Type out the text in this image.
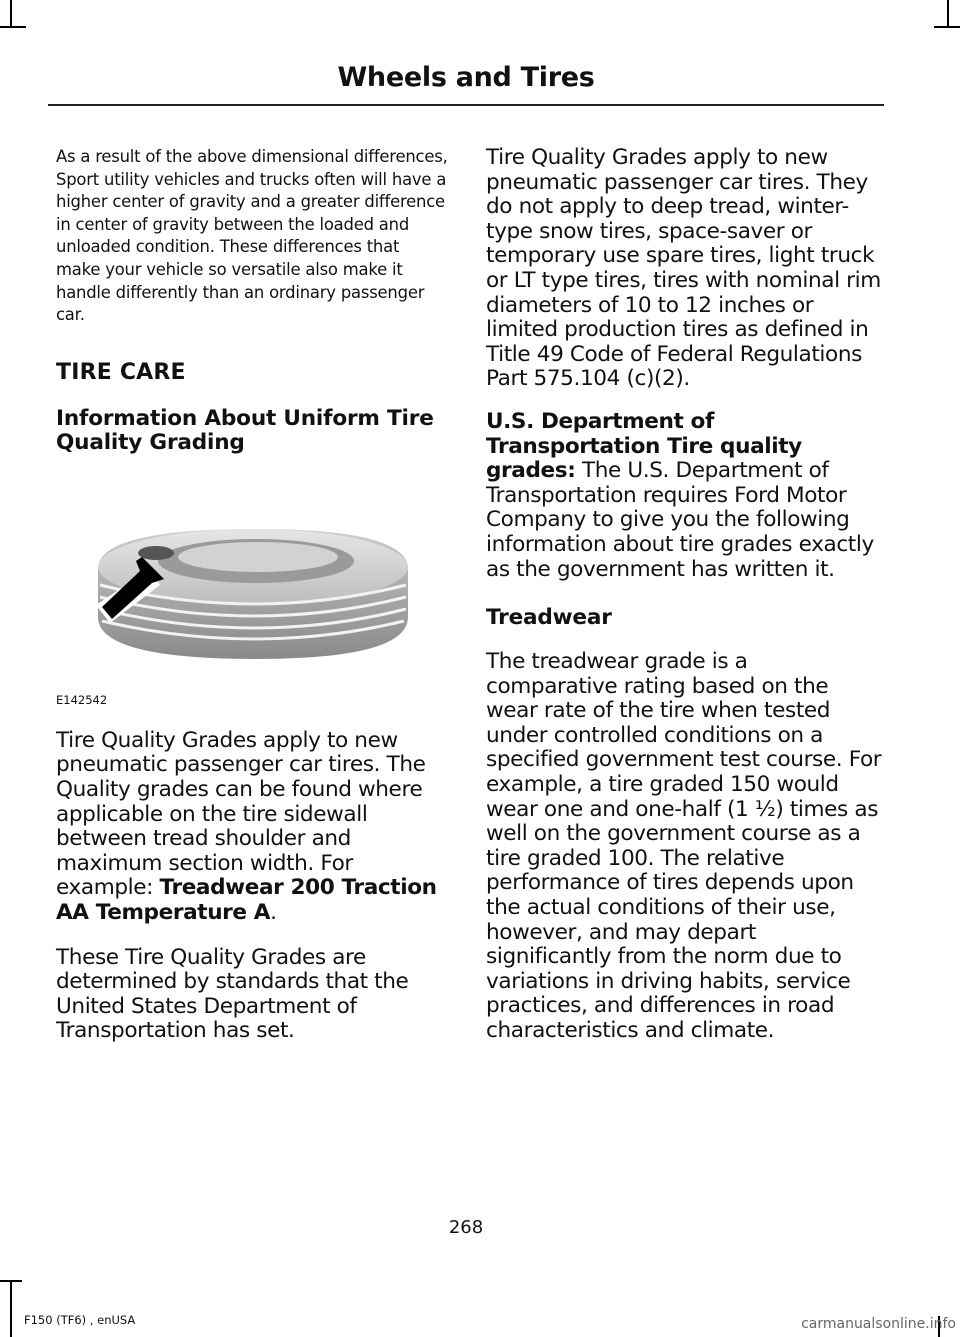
Wheels and Tires

As a result of the above dimensional differences, Sport utility vehicles and trucks often will have a higher center of gravity and a greater difference in center of gravity between the loaded and unloaded condition. These differences that make your vehicle so versatile also make it handle differently than an ordinary passenger car.

TIRE CARE

Information About Uniform Tire Quality Grading

E142542

Tire Quality Grades apply to new pneumatic passenger car tires. The Quality grades can be found where applicable on the tire sidewall between tread shoulder and maximum section width. For example: Treadwear 200 Traction AA Temperature A.

These Tire Quality Grades are determined by standards that the United States Department of Transportation has set.

Tire Quality Grades apply to new pneumatic passenger car tires. They do not apply to deep tread, winter-type snow tires, space-saver or temporary use spare tires, light truck or LT type tires, tires with nominal rim diameters of 10 to 12 inches or limited production tires as defined in Title 49 Code of Federal Regulations Part 575.104 (c)(2).

U.S. Department of Transportation Tire quality grades: The U.S. Department of Transportation requires Ford Motor Company to give you the following information about tire grades exactly as the government has written it.

Treadwear

The treadwear grade is a comparative rating based on the wear rate of the tire when tested under controlled conditions on a specified government test course. For example, a tire graded 150 would wear one and one-half (1 ½) times as well on the government course as a tire graded 100. The relative performance of tires depends upon the actual conditions of their use, however, and may depart significantly from the norm due to variations in driving habits, service practices, and differences in road characteristics and climate.

268
F150 (TF6) , enUSA	carmanualsonline.info
